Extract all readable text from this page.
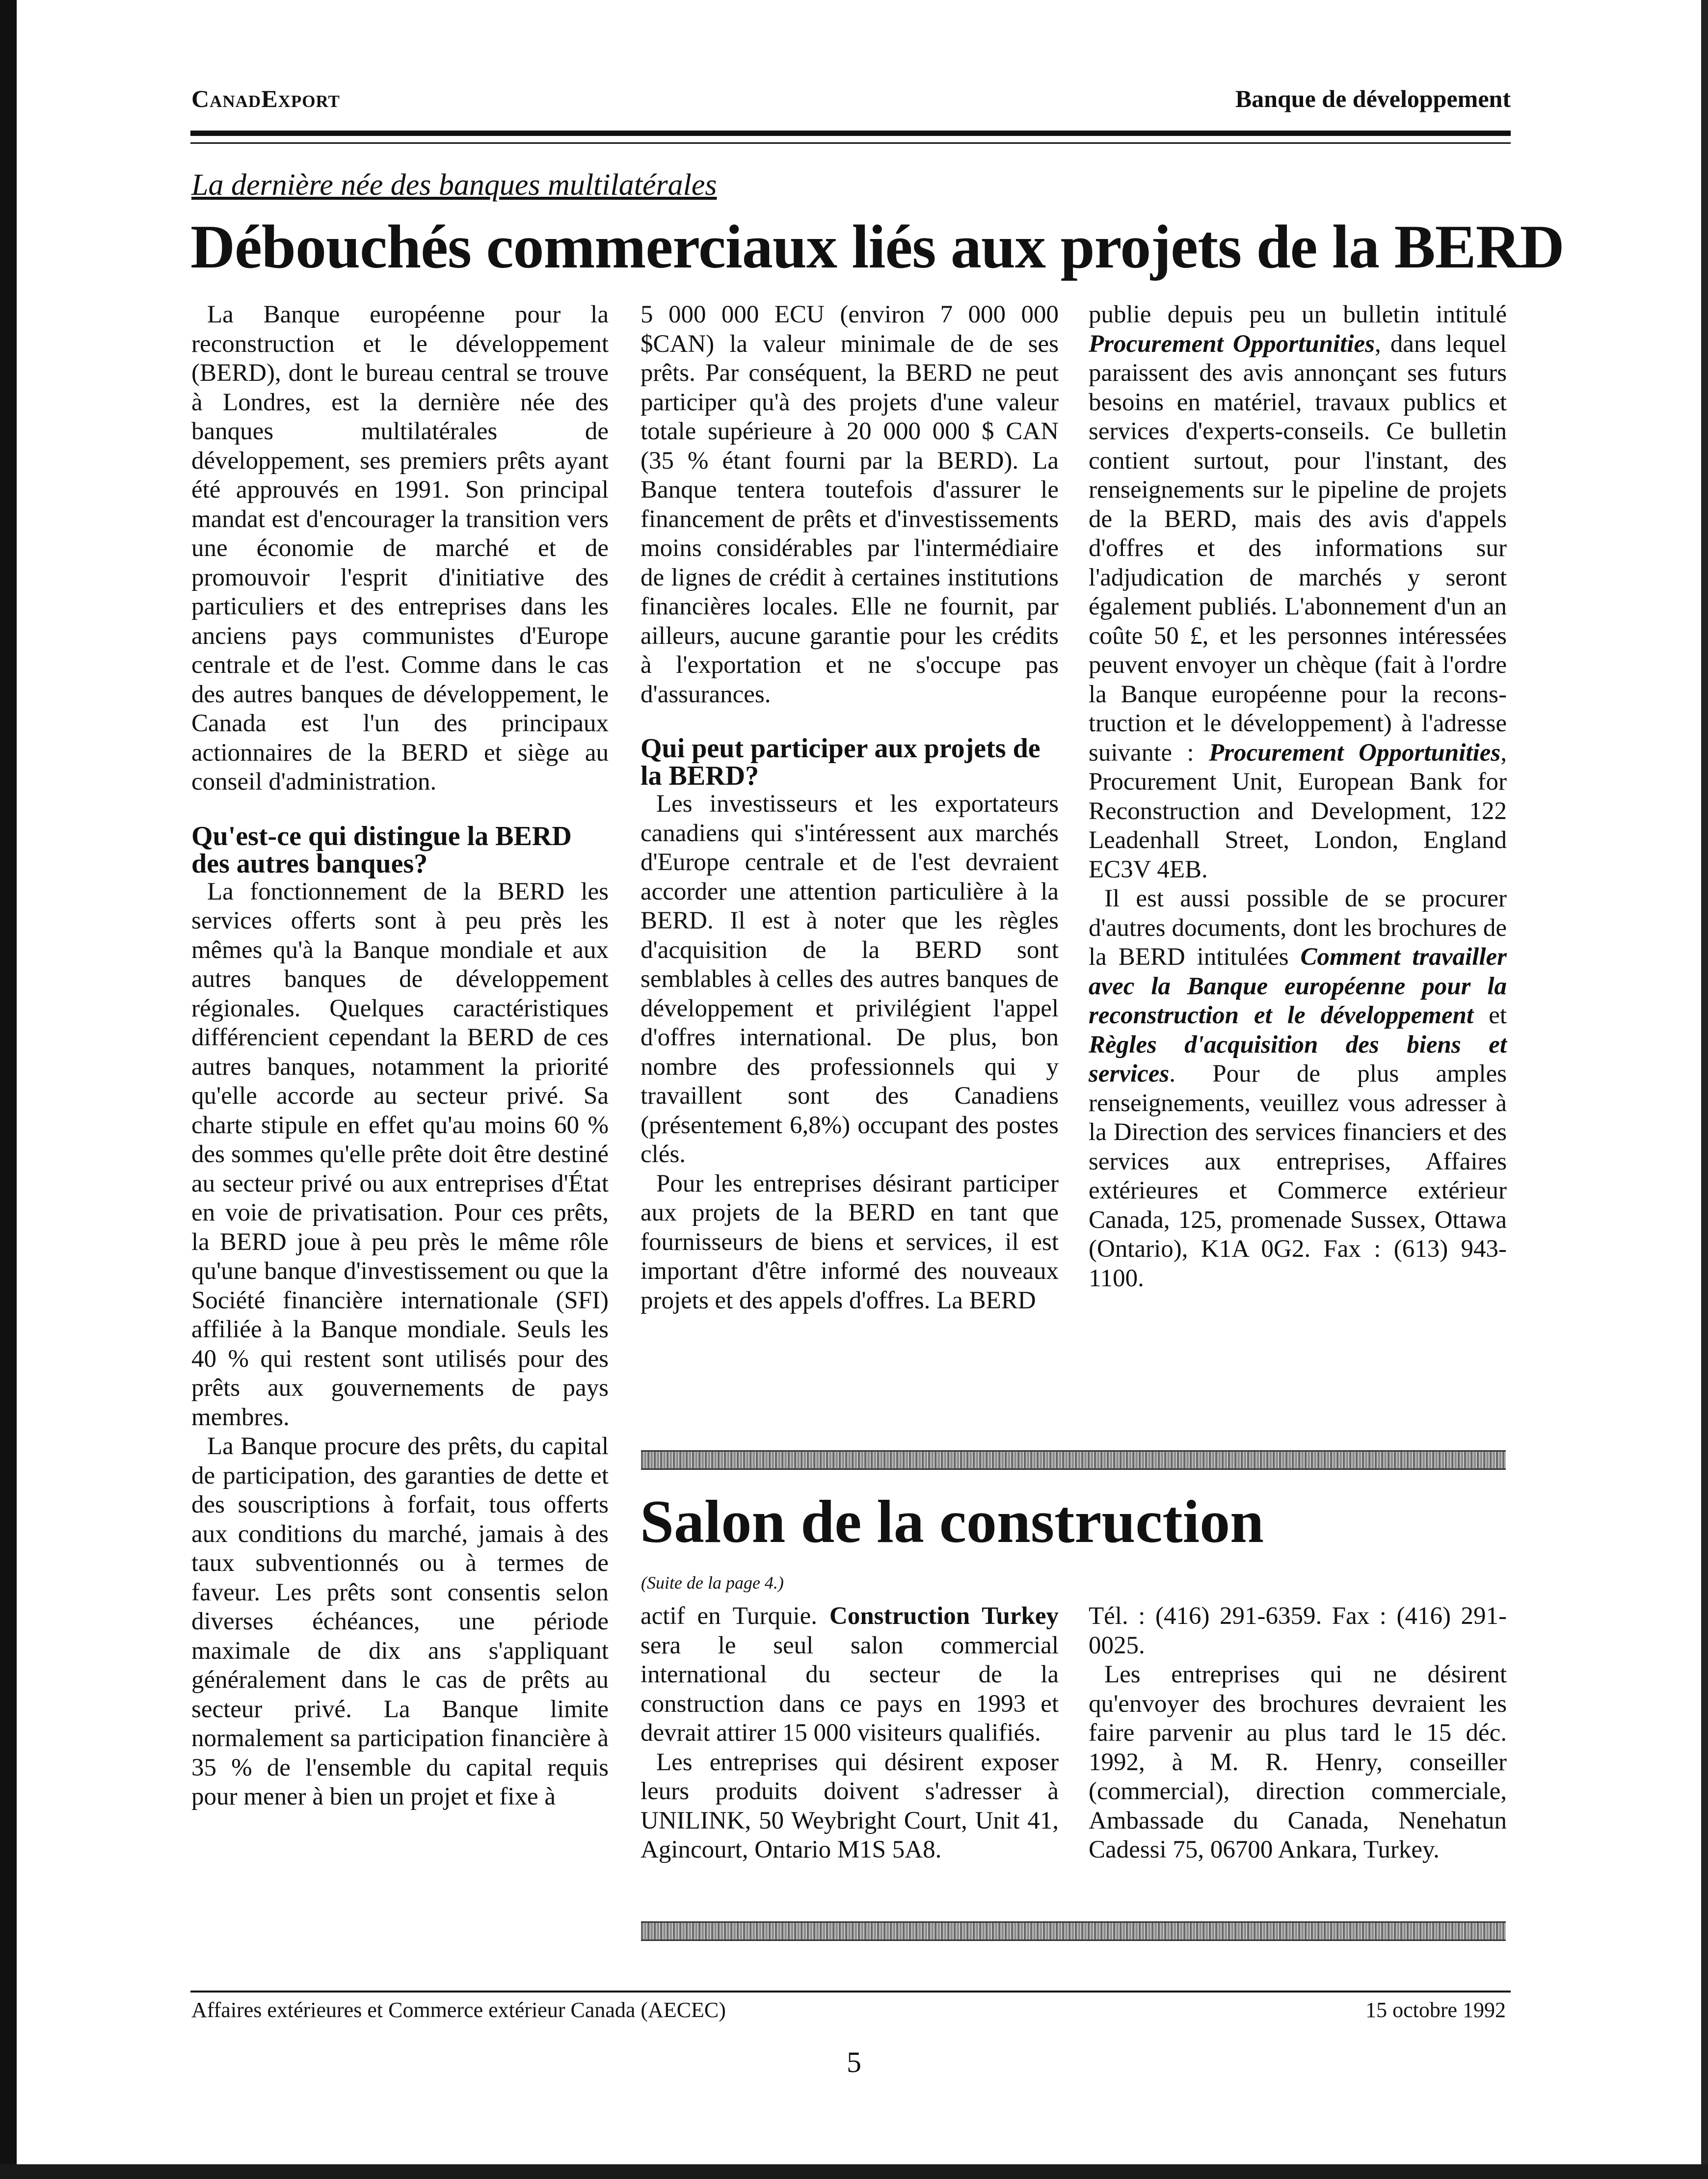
CanadExport	Banque de développement
La dernière née des banques multilatérales
Débouchés commerciaux liés aux projets de la BERD

La Banque européenne pour la reconstruction et le développement (BERD), dont le bureau central se trouve à Londres, est la dernière née des banques multilatérales de développement, ses premiers prêts ayant été approuvés en 1991. Son principal mandat est d'encourager la transition vers une économie de marché et de promouvoir l'esprit d'initiative des particuliers et des entreprises dans les anciens pays communistes d'Europe centrale et de l'est. Comme dans le cas des autres banques de développement, le Canada est l'un des principaux actionnaires de la BERD et siège au conseil d'administration.

Qu'est-ce qui distingue la BERD des autres banques?

La fonctionnement de la BERD les services offerts sont à peu près les mêmes qu'à la Banque mondiale et aux autres banques de développement régionales. Quelques caractéristiques différencient cependant la BERD de ces autres banques, notamment la priorité qu'elle accorde au secteur privé. Sa charte stipule en effet qu'au moins 60 % des sommes qu'elle prête doit être destiné au secteur privé ou aux entreprises d'État en voie de privatisation. Pour ces prêts, la BERD joue à peu près le même rôle qu'une banque d'investissement ou que la Société financière internationale (SFI) affiliée à la Banque mondiale. Seuls les 40 % qui restent sont utilisés pour des prêts aux gouvernements de pays membres.

La Banque procure des prêts, du capital de participation, des garanties de dette et des souscriptions à forfait, tous offerts aux conditions du marché, jamais à des taux subventionnés ou à termes de faveur. Les prêts sont consentis selon diverses échéances, une période maximale de dix ans s'appliquant généralement dans le cas de prêts au secteur privé. La Banque limite normalement sa participation financière à 35 % de l'ensemble du capital requis pour mener à bien un projet et fixe à

5 000 000 ECU (environ 7 000 000 $CAN) la valeur minimale de de ses prêts. Par conséquent, la BERD ne peut participer qu'à des projets d'une valeur totale supérieure à 20 000 000 $ CAN (35 % étant fourni par la BERD). La Banque tentera toutefois d'assurer le financement de prêts et d'investissements moins considérables par l'intermédiaire de lignes de crédit à certaines institutions financières locales. Elle ne fournit, par ailleurs, aucune garantie pour les crédits à l'exportation et ne s'occupe pas d'assurances.

Qui peut participer aux projets de la BERD?

Les investisseurs et les exportateurs canadiens qui s'intéressent aux marchés d'Europe centrale et de l'est devraient accorder une attention particulière à la BERD. Il est à noter que les règles d'acquisition de la BERD sont semblables à celles des autres banques de développement et privilégient l'appel d'offres international. De plus, bon nombre des professionnels qui y travaillent sont des Canadiens (présentement 6,8%) occupant des postes clés.

Pour les entreprises désirant participer aux projets de la BERD en tant que fournisseurs de biens et services, il est important d'être informé des nouveaux projets et des appels d'offres. La BERD

publie depuis peu un bulletin intitulé Procurement Opportunities, dans lequel paraissent des avis annonçant ses futurs besoins en matériel, travaux publics et services d'experts-conseils. Ce bulletin contient surtout, pour l'instant, des renseignements sur le pipeline de projets de la BERD, mais des avis d'appels d'offres et des informations sur l'adjudication de marchés y seront également publiés. L'abonnement d'un an coûte 50 £, et les personnes intéressées peuvent envoyer un chèque (fait à l'ordre la Banque européenne pour la recons-truction et le développement) à l'adresse suivante : Procurement Opportunities, Procurement Unit, European Bank for Reconstruction and Development, 122 Leadenhall Street, London, England EC3V 4EB.

Il est aussi possible de se procurer d'autres documents, dont les brochures de la BERD intitulées Comment travailler avec la Banque européenne pour la reconstruction et le développement et Règles d'acquisition des biens et services. Pour de plus amples renseignements, veuillez vous adresser à la Direction des services financiers et des services aux entreprises, Affaires extérieures et Commerce extérieur Canada, 125, promenade Sussex, Ottawa (Ontario), K1A 0G2. Fax : (613) 943-1100.

Salon de la construction
(Suite de la page 4.)

actif en Turquie. Construction Turkey sera le seul salon commercial international du secteur de la construction dans ce pays en 1993 et devrait attirer 15 000 visiteurs qualifiés.

Les entreprises qui désirent exposer leurs produits doivent s'adresser à UNILINK, 50 Weybright Court, Unit 41, Agincourt, Ontario M1S 5A8.

Tél. : (416) 291-6359. Fax : (416) 291-0025.

Les entreprises qui ne désirent qu'envoyer des brochures devraient les faire parvenir au plus tard le 15 déc. 1992, à M. R. Henry, conseiller (commercial), direction commerciale, Ambassade du Canada, Nenehatun Cadessi 75, 06700 Ankara, Turkey.

Affaires extérieures et Commerce extérieur Canada (AECEC)	15 octobre 1992
5
